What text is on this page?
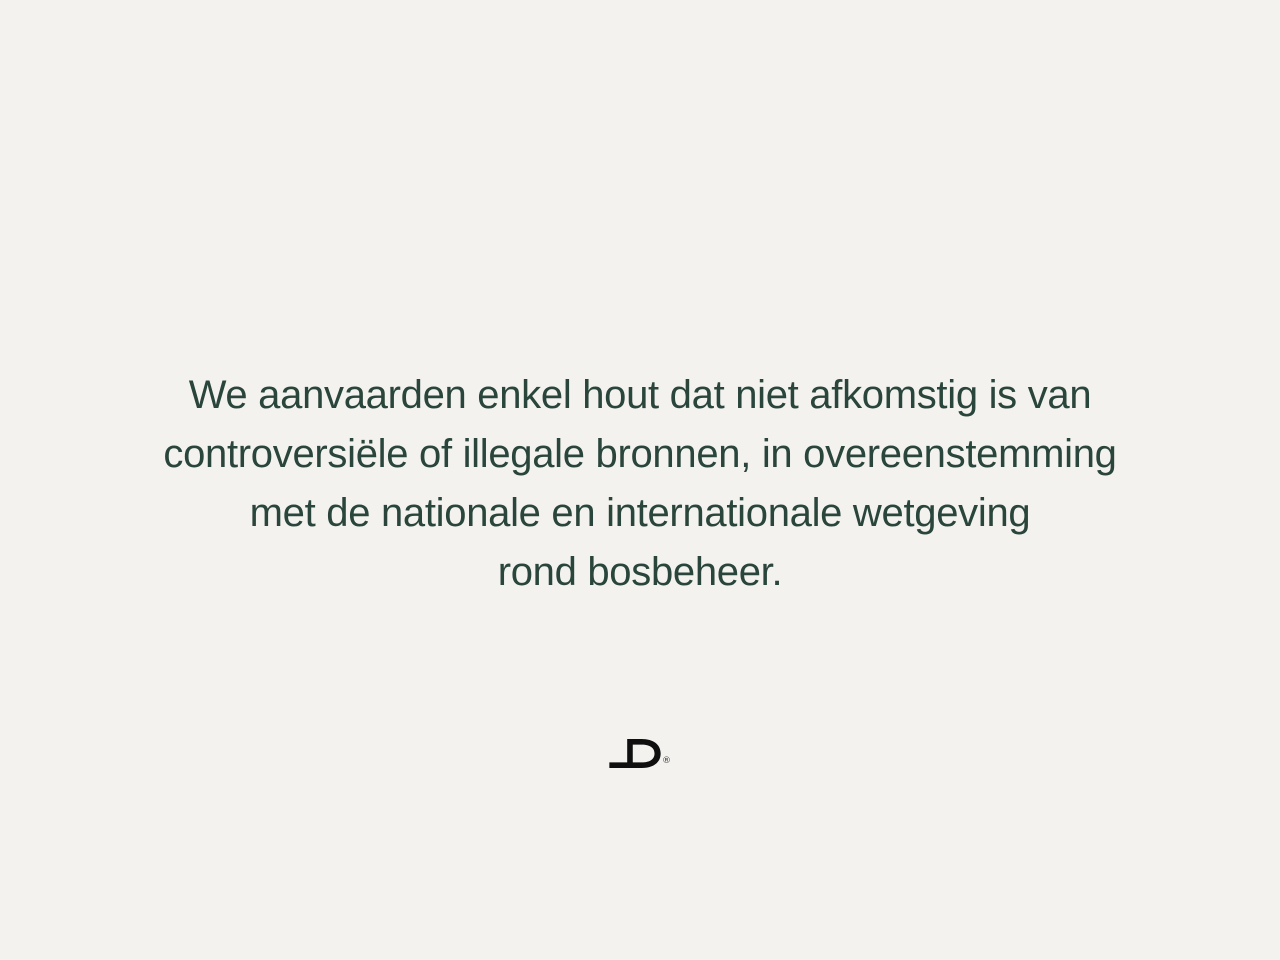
We aanvaarden enkel hout dat niet afkomstig is van
controversiële of illegale bronnen, in overeenstemming
met de nationale en internationale wetgeving
rond bosbeheer.
®
